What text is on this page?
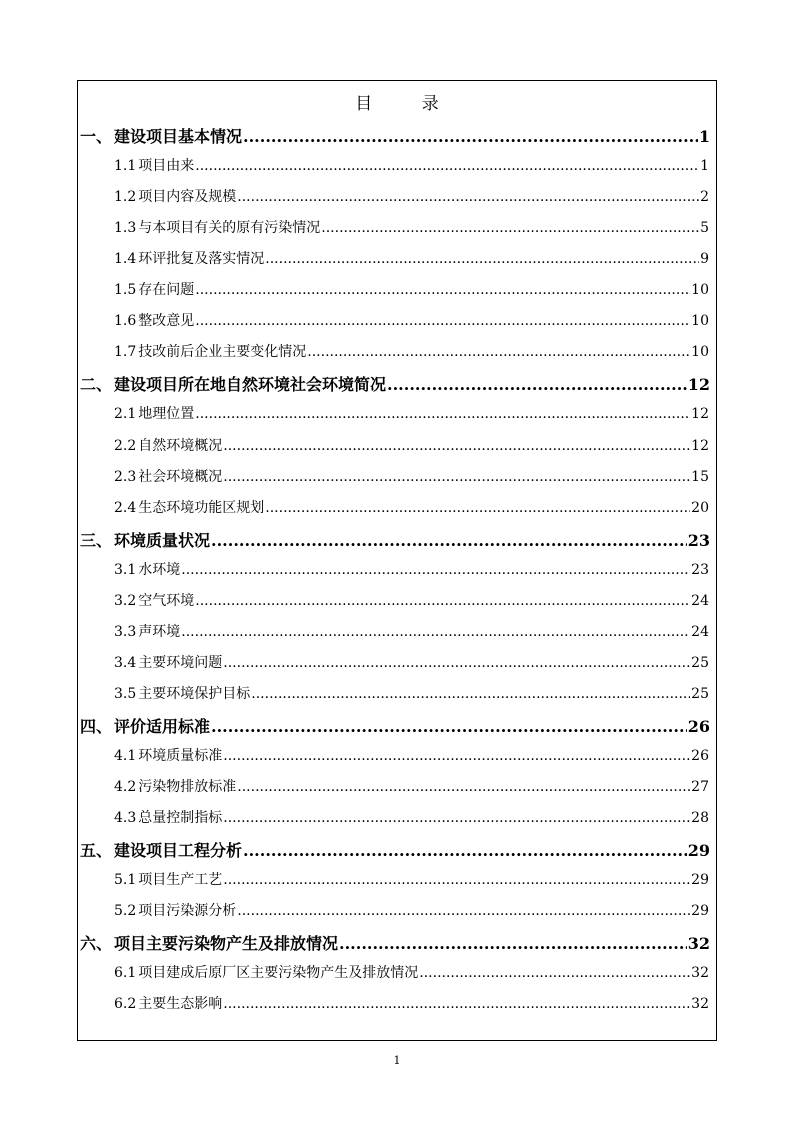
目 录
一、 建设项目基本情况 .....	1
1.1 项目由来 .....	1
1.2 项目内容及规模 .....	2
1.3 与本项目有关的原有污染情况 .....	5
1.4 环评批复及落实情况 .....	9
1.5 存在问题 .....	10
1.6 整改意见 .....	10
1.7 技改前后企业主要变化情况 .....	10
二、 建设项目所在地自然环境社会环境简况 .....	12
2.1 地理位置 .....	12
2.2 自然环境概况 .....	12
2.3 社会环境概况 .....	15
2.4 生态环境功能区规划 .....	20
三、 环境质量状况 .....	23
3.1 水环境 .....	23
3.2 空气环境 .....	24
3.3 声环境 .....	24
3.4 主要环境问题 .....	25
3.5 主要环境保护目标 .....	25
四、 评价适用标准 .....	26
4.1 环境质量标准 .....	26
4.2 污染物排放标准 .....	27
4.3 总量控制指标 .....	28
五、 建设项目工程分析 .....	29
5.1 项目生产工艺 .....	29
5.2 项目污染源分析 .....	29
六、 项目主要污染物产生及排放情况 .....	32
6.1 项目建成后原厂区主要污染物产生及排放情况 .....	32
6.2 主要生态影响 .....	32
1
